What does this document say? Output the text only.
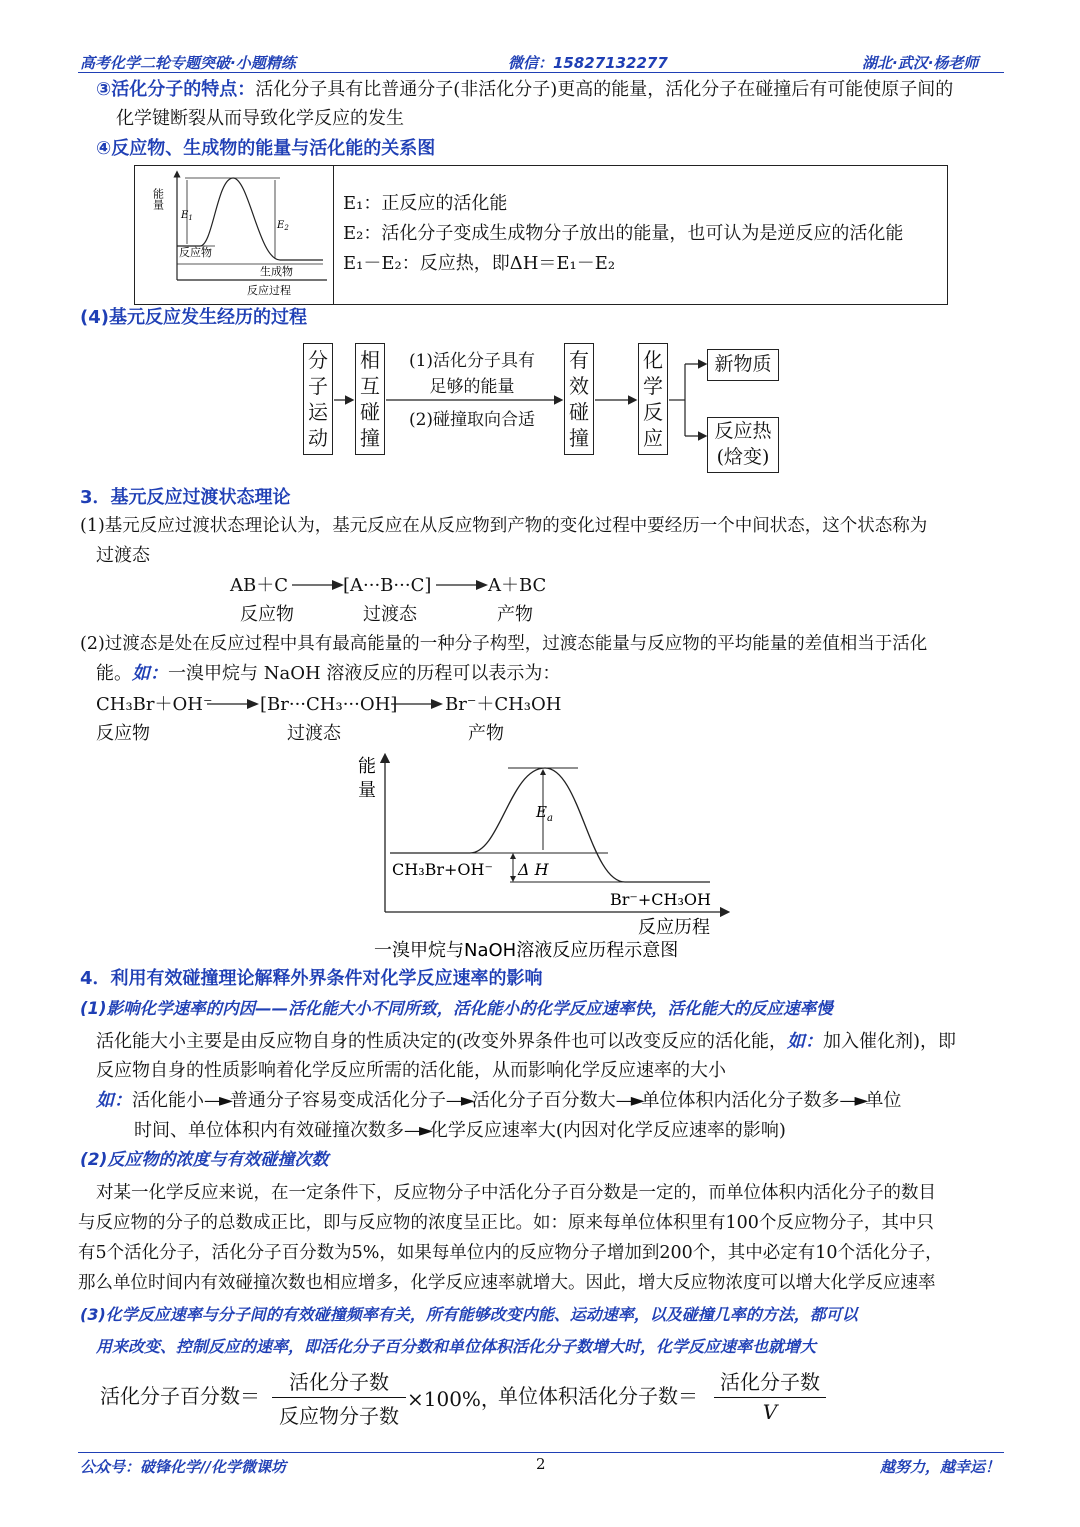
高考化学二轮专题突破·小题精练	微信：15827132277	湖北·武汉·杨老师
③活化分子的特点：活化分子具有比普通分子(非活化分子)更高的能量，活化分子在碰撞后有可能使原子间的
化学键断裂从而导致化学反应的发生
④反应物、生成物的能量与活化能的关系图
能量
$E_1$
$E_2$
反应物
生成物
反应过程
E₁：正反应的活化能
E₂：活化分子变成生成物分子放出的能量，也可认为是逆反应的活化能
E₁－E₂：反应热，即ΔH＝E₁－E₂
(4)基元反应发生经历的过程
分子运动
相互碰撞
有效碰撞
化学反应
(1)活化分子具有
足够的能量
(2)碰撞取向合适
新物质
反应热
(焓变)
3．基元反应过渡状态理论
(1)基元反应过渡状态理论认为，基元反应在从反应物到产物的变化过程中要经历一个中间状态，这个状态称为
过渡态
AB＋C	[A···B···C]	A＋BC
反应物	过渡态	产物
(2)过渡态是处在反应过程中具有最高能量的一种分子构型，过渡态能量与反应物的平均能量的差值相当于活化
能。如：一溴甲烷与 NaOH 溶液反应的历程可以表示为：
CH₃Br＋OH⁻	[Br···CH₃···OH]	Br⁻＋CH₃OH
反应物	过渡态	产物
能
量
$E_a$
CH₃Br+OH⁻ Δ H
Br⁻+CH₃OH
反应历程
一溴甲烷与NaOH溶液反应历程示意图
4．利用有效碰撞理论解释外界条件对化学反应速率的影响
(1)影响化学速率的内因——活化能大小不同所致，活化能小的化学反应速率快，活化能大的反应速率慢
活化能大小主要是由反应物自身的性质决定的(改变外界条件也可以改变反应的活化能，如：加入催化剂)，即
反应物自身的性质影响着化学反应所需的活化能，从而影响化学反应速率的大小
如：活化能小—►普通分子容易变成活化分子—►活化分子百分数大—►单位体积内活化分子数多—►单位
时间、单位体积内有效碰撞次数多—►化学反应速率大(内因对化学反应速率的影响)
(2)反应物的浓度与有效碰撞次数
对某一化学反应来说，在一定条件下，反应物分子中活化分子百分数是一定的，而单位体积内活化分子的数目
与反应物的分子的总数成正比，即与反应物的浓度呈正比。如：原来每单位体积里有100个反应物分子，其中只
有5个活化分子，活化分子百分数为5%，如果每单位内的反应物分子增加到200个，其中必定有10个活化分子，
那么单位时间内有效碰撞次数也相应增多，化学反应速率就增大。因此，增大反应物浓度可以增大化学反应速率
(3)化学反应速率与分子间的有效碰撞频率有关，所有能够改变内能、运动速率，以及碰撞几率的方法，都可以
用来改变、控制反应的速率，即活化分子百分数和单位体积活化分子数增大时，化学反应速率也就增大
活化分子百分数＝
活化分子数
反应物分子数
×100%，
单位体积活化分子数＝
活化分子数
V
公众号：破锋化学//化学微课坊	2	越努力，越幸运！
